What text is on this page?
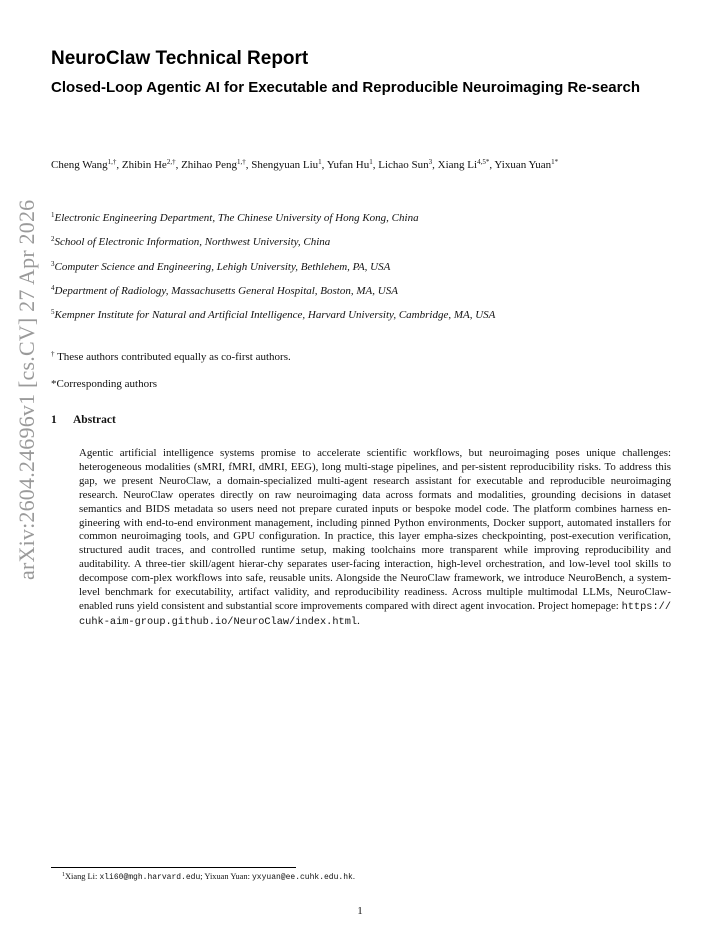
arXiv:2604.24696v1 [cs.CV] 27 Apr 2026
NeuroClaw Technical Report
Closed-Loop Agentic AI for Executable and Reproducible Neuroimaging Re-search
Cheng Wang$^{1,\dagger}$, Zhibin $He^{2,\dagger}$, Zhihao Peng$^{1,\dagger}$, Shengyuan Liu$^1$, Yufan Hu$^1$, Lichao Sun$^3$, Xiang $Li^{4,5*}$, Yixuan Yuan$^{1*}$
$^1$Electronic Engineering Department, The Chinese University of Hong Kong, China
$^2$School of Electronic Information, Northwest University, China
$^3$Computer Science and Engineering, Lehigh University, Bethlehem, PA, USA
$^4$Department of Radiology, Massachusetts General Hospital, Boston, MA, USA
$^5$Kempner Institute for Natural and Artificial Intelligence, Harvard University, Cambridge, MA, USA
† These authors contributed equally as co-first authors.
*Corresponding authors
1 Abstract
Agentic artificial intelligence systems promise to accelerate scientific workflows, but neuroimaging poses unique challenges: heterogeneous modalities (sMRI, fMRI, dMRI, EEG), long multi-stage pipelines, and per-sistent reproducibility risks. To address this gap, we present NeuroClaw, a domain-specialized multi-agent research assistant for executable and reproducible neuroimaging research. NeuroClaw operates directly on raw neuroimaging data across formats and modalities, grounding decisions in dataset semantics and BIDS metadata so users need not prepare curated inputs or bespoke model code. The platform combines harness en-gineering with end-to-end environment management, including pinned Python environments, Docker support, automated installers for common neuroimaging tools, and GPU configuration. In practice, this layer empha-sizes checkpointing, post-execution verification, structured audit traces, and controlled runtime setup, making toolchains more transparent while improving reproducibility and auditability. A three-tier skill/agent hierar-chy separates user-facing interaction, high-level orchestration, and low-level tool skills to decompose com-plex workflows into safe, reusable units. Alongside the NeuroClaw framework, we introduce NeuroBench, a system-level benchmark for executability, artifact validity, and reproducibility readiness. Across multiple multimodal LLMs, NeuroClaw-enabled runs yield consistent and substantial score improvements compared with direct agent invocation. Project homepage: https://cuhk-aim-group.github.io/NeuroClaw/index.html.
$^1$Xiang Li: xli60@mgh.harvard.edu; Yixuan Yuan: yxyuan@ee.cuhk.edu.hk.
1
